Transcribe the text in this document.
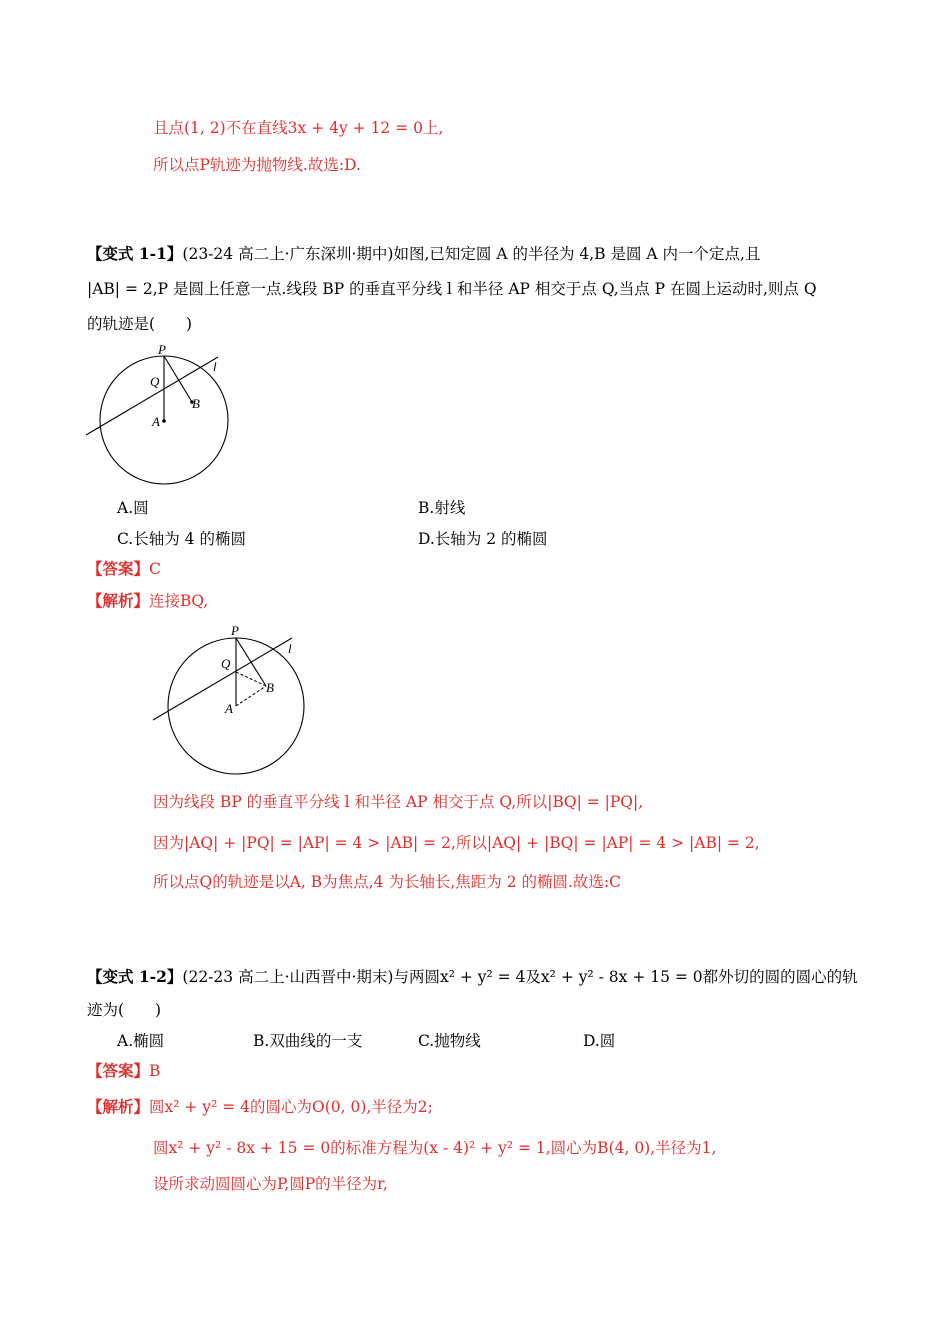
且点(1, 2)不在直线3x + 4y + 12 = 0上,
所以点P轨迹为抛物线.故选:D.
【变式 1-1】(23-24 高二上·广东深圳·期中)如图,已知定圆 A 的半径为 4,B 是圆 A 内一个定点,且
|AB| = 2,P 是圆上任意一点.线段 BP 的垂直平分线 l 和半径 AP 相交于点 Q,当点 P 在圆上运动时,则点 Q
的轨迹是(　　)
P
Q
l
B
A
A.圆	B.射线
C.长轴为 4 的椭圆	D.长轴为 2 的椭圆
【答案】C
【解析】连接BQ,
P
Q
l
B
A
因为线段 BP 的垂直平分线 l 和半径 AP 相交于点 Q,所以|BQ| = |PQ|,
因为|AQ| + |PQ| = |AP| = 4 > |AB| = 2,所以|AQ| + |BQ| = |AP| = 4 > |AB| = 2,
所以点Q的轨迹是以A, B为焦点,4 为长轴长,焦距为 2 的椭圆.故选:C
【变式 1-2】(22-23 高二上·山西晋中·期末)与两圆x² + y² = 4及x² + y² - 8x + 15 = 0都外切的圆的圆心的轨
迹为(　　)
A.椭圆	B.双曲线的一支	C.抛物线	D.圆
【答案】B
【解析】圆x² + y² = 4的圆心为O(0, 0),半径为2;
圆x² + y² - 8x + 15 = 0的标准方程为(x - 4)² + y² = 1,圆心为B(4, 0),半径为1,
设所求动圆圆心为P,圆P的半径为r,
